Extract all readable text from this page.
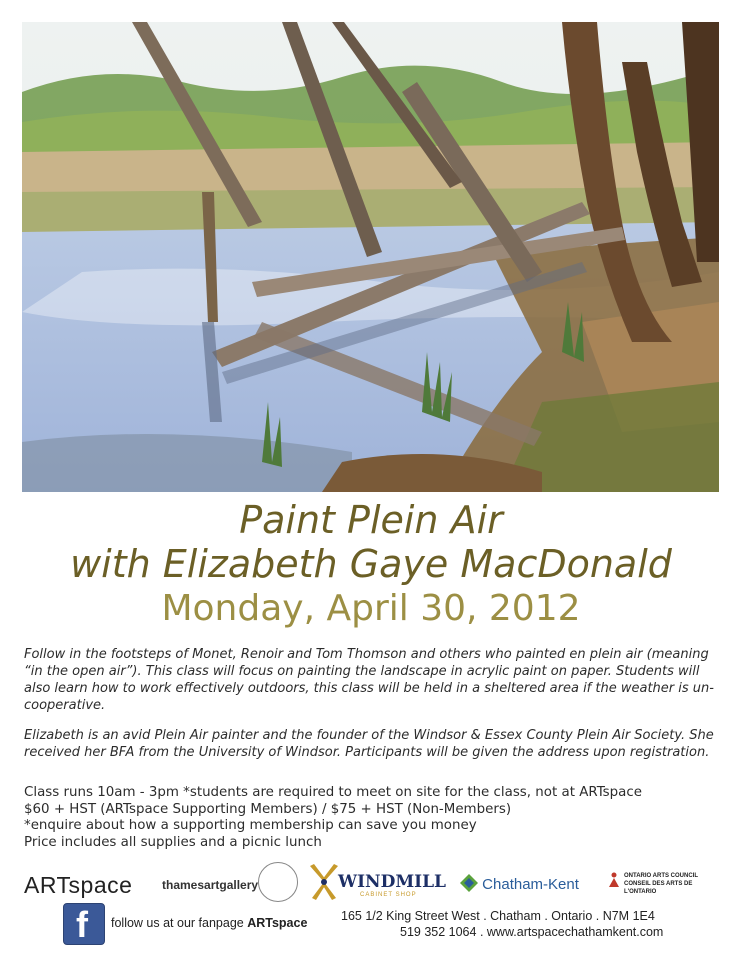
Paint Plein Air
with Elizabeth Gaye MacDonald
Monday, April 30, 2012

Follow in the footsteps of Monet, Renoir and Tom Thomson and others who painted en plein air (meaning “in the open air”). This class will focus on painting the landscape in acrylic paint on paper. Students will also learn how to work effectively outdoors, this class will be held in a sheltered area if the weather is un-cooperative.

Elizabeth is an avid Plein Air painter and the founder of the Windsor & Essex County Plein Air Society. She received her BFA from the University of Windsor. Participants will be given the address upon registration.

Class runs 10am - 3pm *students are required to meet on site for the class, not at ARTspace
$60 + HST (ARTspace Supporting Members) / $75 + HST (Non-Members)
*enquire about how a supporting membership can save you money
Price includes all supplies and a picnic lunch
ARTspace thamesartgallery	WINDMILL
CABINET SHOP
Chatham-Kent	ONTARIO ARTS COUNCIL
CONSEIL DES ARTS DE L'ONTARIO
f follow us at our fanpage ARTspace	165 1/2 King Street West . Chatham . Ontario . N7M 1E4
519 352 1064 . www.artspacechathamkent.com
